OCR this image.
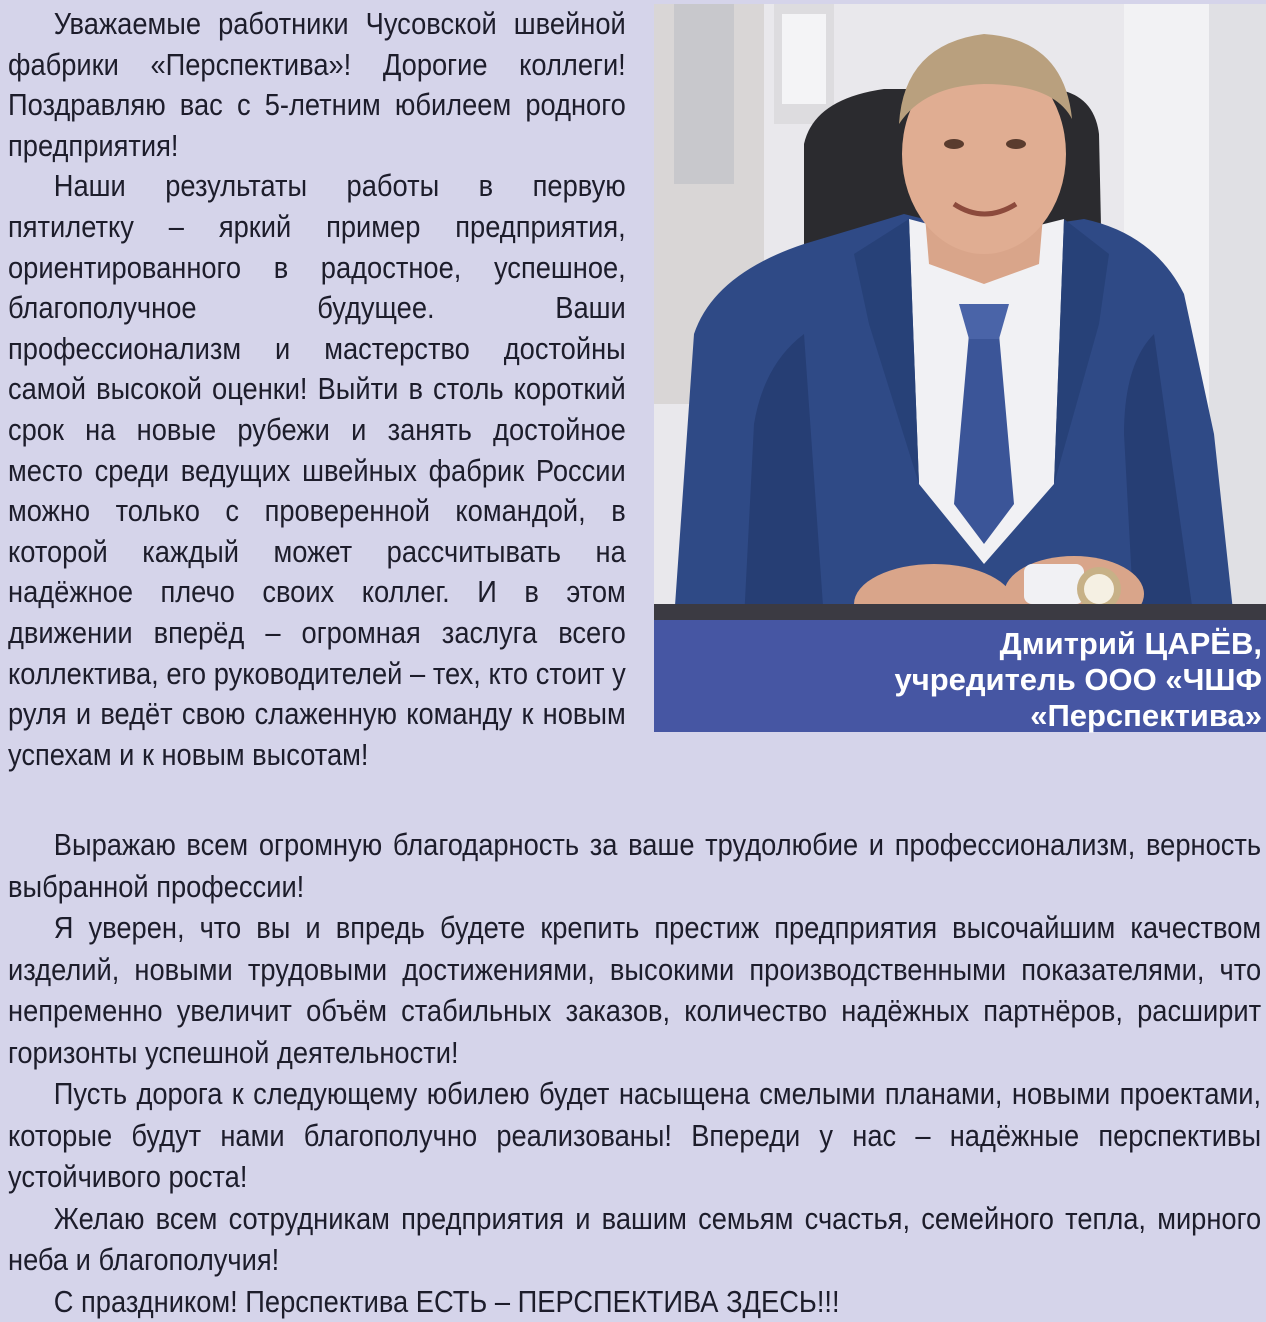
Уважаемые работники Чусовской швейной фабрики «Перспектива»! Дорогие коллеги! Поздравляю вас с 5-летним юбилеем родного предприятия!

Наши результаты работы в первую пятилетку – яркий пример предприятия, ориентированного в радостное, успешное, благополучное будущее. Ваши профессионализм и мастерство достойны самой высокой оценки! Выйти в столь короткий срок на новые рубежи и занять достойное место среди ведущих швейных фабрик России можно только с проверенной командой, в которой каждый может рассчитывать на надёжное плечо своих коллег. И в этом движении вперёд – огромная заслуга всего коллектива, его руководителей – тех, кто стоит у руля и ведёт свою слаженную команду к новым успехам и к новым высотам!

Дмитрий ЦАРЁВ,
учредитель ООО «ЧШФ
«Перспектива»

Выражаю всем огромную благодарность за ваше трудолюбие и профессионализм, верность выбранной профессии!

Я уверен, что вы и впредь будете крепить престиж предприятия высочайшим качеством изделий, новыми трудовыми достижениями, высокими производственными показателями, что непременно увеличит объём стабильных заказов, количество надёжных партнёров, расширит горизонты успешной деятельности!

Пусть дорога к следующему юбилею будет насыщена смелыми планами, новыми проектами, которые будут нами благополучно реализованы! Впереди у нас – надёжные перспективы устойчивого роста!

Желаю всем сотрудникам предприятия и вашим семьям счастья, семейного тепла, мирного неба и благополучия!

С праздником! Перспектива ЕСТЬ – ПЕРСПЕКТИВА ЗДЕСЬ!!!
